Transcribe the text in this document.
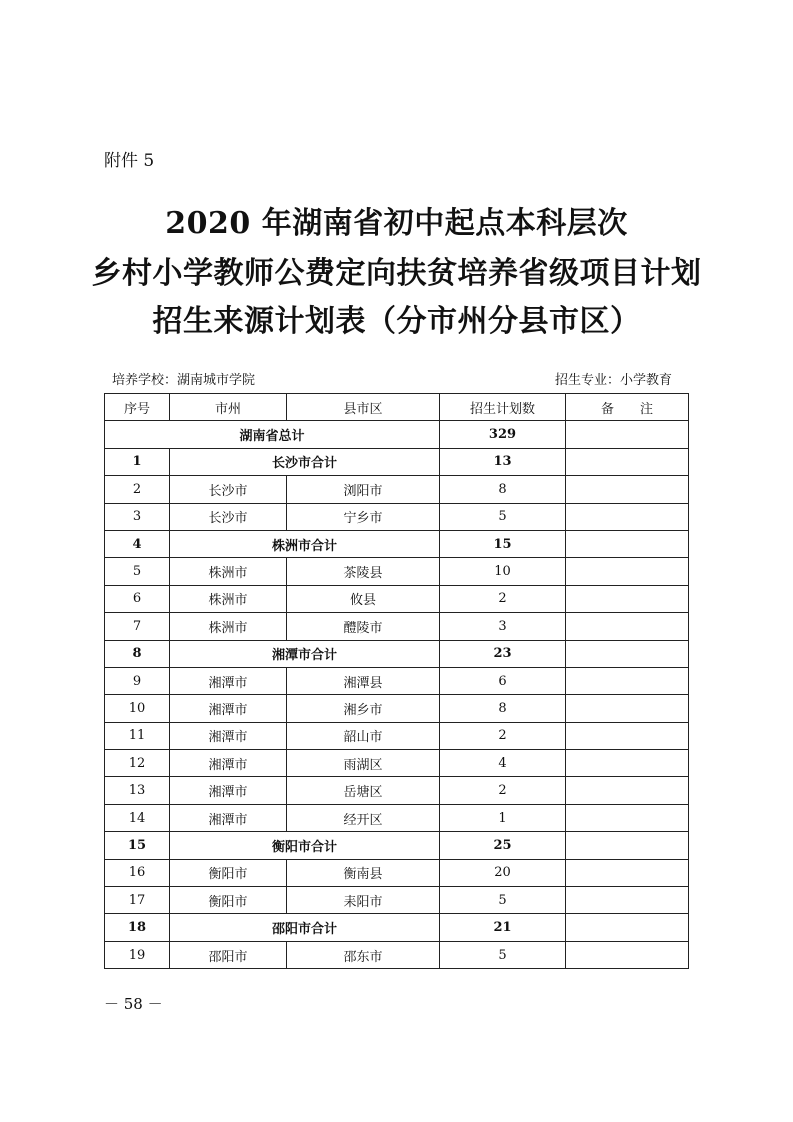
附件 5
2020 年湖南省初中起点本科层次
乡村小学教师公费定向扶贫培养省级项目计划
招生来源计划表（分市州分县市区）
培养学校：湖南城市学院	招生专业：小学教育
序号	市州	县市区	招生计划数	备　　注
湖南省总计			329	
1	长沙市合计		13	
2	长沙市	浏阳市	8	
3	长沙市	宁乡市	5	
4	株洲市合计		15	
5	株洲市	茶陵县	10	
6	株洲市	攸县	2	
7	株洲市	醴陵市	3	
8	湘潭市合计		23	
9	湘潭市	湘潭县	6	
10	湘潭市	湘乡市	8	
11	湘潭市	韶山市	2	
12	湘潭市	雨湖区	4	
13	湘潭市	岳塘区	2	
14	湘潭市	经开区	1	
15	衡阳市合计		25	
16	衡阳市	衡南县	20	
17	衡阳市	耒阳市	5	
18	邵阳市合计		21	
19	邵阳市	邵东市	5	
－ 58 －
